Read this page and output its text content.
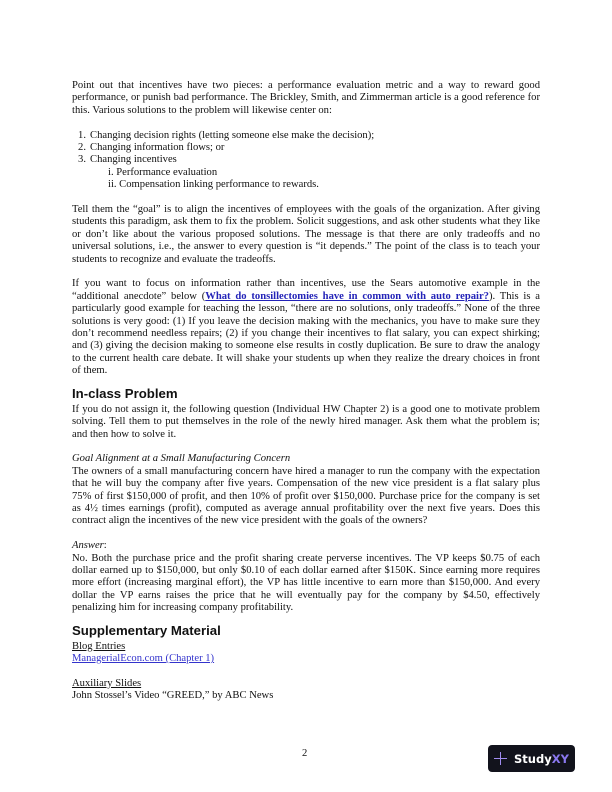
Point out that incentives have two pieces: a performance evaluation metric and a way to reward good performance, or punish bad performance. The Brickley, Smith, and Zimmerman article is a good reference for this. Various solutions to the problem will likewise center on:

1. Changing decision rights (letting someone else make the decision);
2. Changing information flows; or
3. Changing incentives
i. Performance evaluation
ii. Compensation linking performance to rewards.

Tell them the “goal” is to align the incentives of employees with the goals of the organization. After giving students this paradigm, ask them to fix the problem. Solicit suggestions, and ask other students what they like or don’t like about the various proposed solutions. The message is that there are only tradeoffs and no universal solutions, i.e., the answer to every question is “it depends.” The point of the class is to teach your students to recognize and evaluate the tradeoffs.

If you want to focus on information rather than incentives, use the Sears automotive example in the “additional anecdote” below (What do tonsillectomies have in common with auto repair?). This is a particularly good example for teaching the lesson, “there are no solutions, only tradeoffs.” None of the three solutions is very good: (1) If you leave the decision making with the mechanics, you have to make sure they don’t recommend needless repairs; (2) if you change their incentives to flat salary, you can expect shirking; and (3) giving the decision making to someone else results in costly duplication. Be sure to draw the analogy to the current health care debate. It will shake your students up when they realize the dreary choices in front of them.

In-class Problem

If you do not assign it, the following question (Individual HW Chapter 2) is a good one to motivate problem solving. Tell them to put themselves in the role of the newly hired manager. Ask them what the problem is; and then how to solve it.

Goal Alignment at a Small Manufacturing Concern

The owners of a small manufacturing concern have hired a manager to run the company with the expectation that he will buy the company after five years. Compensation of the new vice president is a flat salary plus 75% of first $150,000 of profit, and then 10% of profit over $150,000. Purchase price for the company is set as 4½ times earnings (profit), computed as average annual profitability over the next five years. Does this contract align the incentives of the new vice president with the goals of the owners?

Answer:

No. Both the purchase price and the profit sharing create perverse incentives. The VP keeps $0.75 of each dollar earned up to $150,000, but only $0.10 of each dollar earned after $150K. Since earning more requires more effort (increasing marginal effort), the VP has little incentive to earn more than $150,000. And every dollar the VP earns raises the price that he will eventually pay for the company by $4.50, effectively penalizing him for increasing company profitability.

Supplementary Material

Blog Entries

ManagerialEcon.com (Chapter 1)

Auxiliary Slides

John Stossel’s Video “GREED,” by ABC News

2	Study XY
